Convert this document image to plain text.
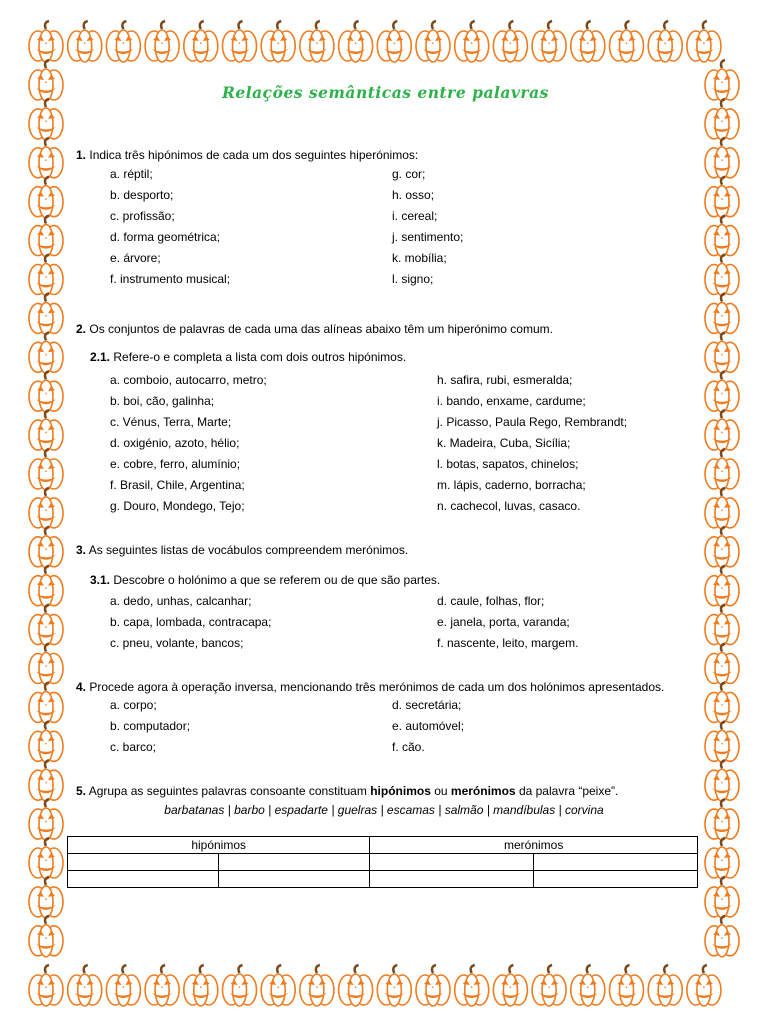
Relações semânticas entre palavras
1. Indica três hipónimos de cada um dos seguintes hiperónimos:
a. réptil;
b. desporto;
c. profissão;
d. forma geométrica;
e. árvore;
f. instrumento musical;
g. cor;
h. osso;
i. cereal;
j. sentimento;
k. mobília;
l. signo;
2. Os conjuntos de palavras de cada uma das alíneas abaixo têm um hiperónimo comum.
2.1. Refere-o e completa a lista com dois outros hipónimos.
a. comboio, autocarro, metro;
b. boi, cão, galinha;
c. Vénus, Terra, Marte;
d. oxigénio, azoto, hélio;
e. cobre, ferro, alumínio;
f. Brasil, Chile, Argentina;
g. Douro, Mondego, Tejo;
h. safira, rubi, esmeralda;
i. bando, enxame, cardume;
j. Picasso, Paula Rego, Rembrandt;
k. Madeira, Cuba, Sicília;
l. botas, sapatos, chinelos;
m. lápis, caderno, borracha;
n. cachecol, luvas, casaco.
3. As seguintes listas de vocábulos compreendem merónimos.
3.1. Descobre o holónimo a que se referem ou de que são partes.
a. dedo, unhas, calcanhar;
b. capa, lombada, contracapa;
c. pneu, volante, bancos;
d. caule, folhas, flor;
e. janela, porta, varanda;
f. nascente, leito, margem.
4. Procede agora à operação inversa, mencionando três merónimos de cada um dos holónimos apresentados.
a. corpo;
b. computador;
c. barco;
d. secretária;
e. automóvel;
f. cão.
5. Agrupa as seguintes palavras consoante constituam hipónimos ou merónimos da palavra “peixe”.
barbatanas | barbo | espadarte | guelras | escamas | salmão | mandíbulas | corvina
hipónimos		merónimos	
